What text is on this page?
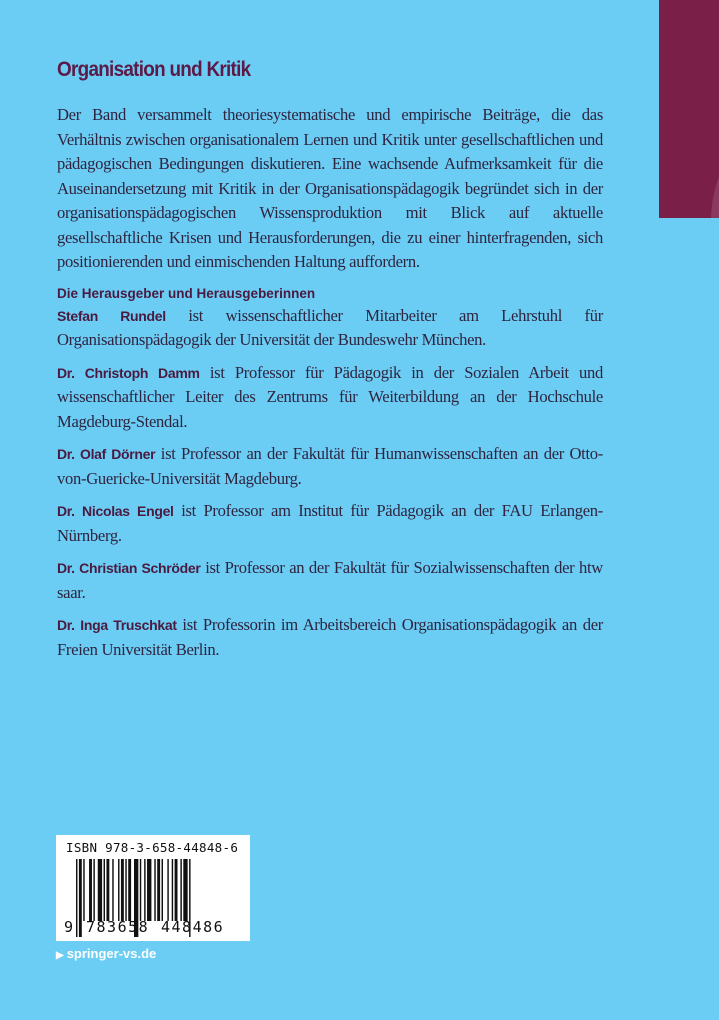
Organisation und Kritik

Der Band versammelt theoriesystematische und empirische Beiträge, die das Verhältnis zwischen organisationalem Lernen und Kritik unter gesellschaftlichen und pädagogischen Bedingungen diskutieren. Eine wachsende Aufmerksamkeit für die Auseinandersetzung mit Kritik in der Organisationspädagogik begründet sich in der organisationspädagogischen Wissensproduktion mit Blick auf aktuelle gesellschaftliche Krisen und Herausforderungen, die zu einer hinterfragenden, sich positionierenden und einmischenden Haltung auffordern.

Die Herausgeber und Herausgeberinnen

Stefan Rundel ist wissenschaftlicher Mitarbeiter am Lehrstuhl für Organisationspädagogik der Universität der Bundeswehr München.

Dr. Christoph Damm ist Professor für Pädagogik in der Sozialen Arbeit und wissenschaftlicher Leiter des Zentrums für Weiterbildung an der Hochschule Magdeburg-Stendal.

Dr. Olaf Dörner ist Professor an der Fakultät für Humanwissenschaften an der Otto-von-Guericke-Universität Magdeburg.

Dr. Nicolas Engel ist Professor am Institut für Pädagogik an der FAU Erlangen-Nürnberg.

Dr. Christian Schröder ist Professor an der Fakultät für Sozialwissenschaften der htw saar.

Dr. Inga Truschkat ist Professorin im Arbeitsbereich Organisationspädagogik an der Freien Universität Berlin.

ISBN 978-3-658-44848-6
9 783658 448486
▶ springer-vs.de
